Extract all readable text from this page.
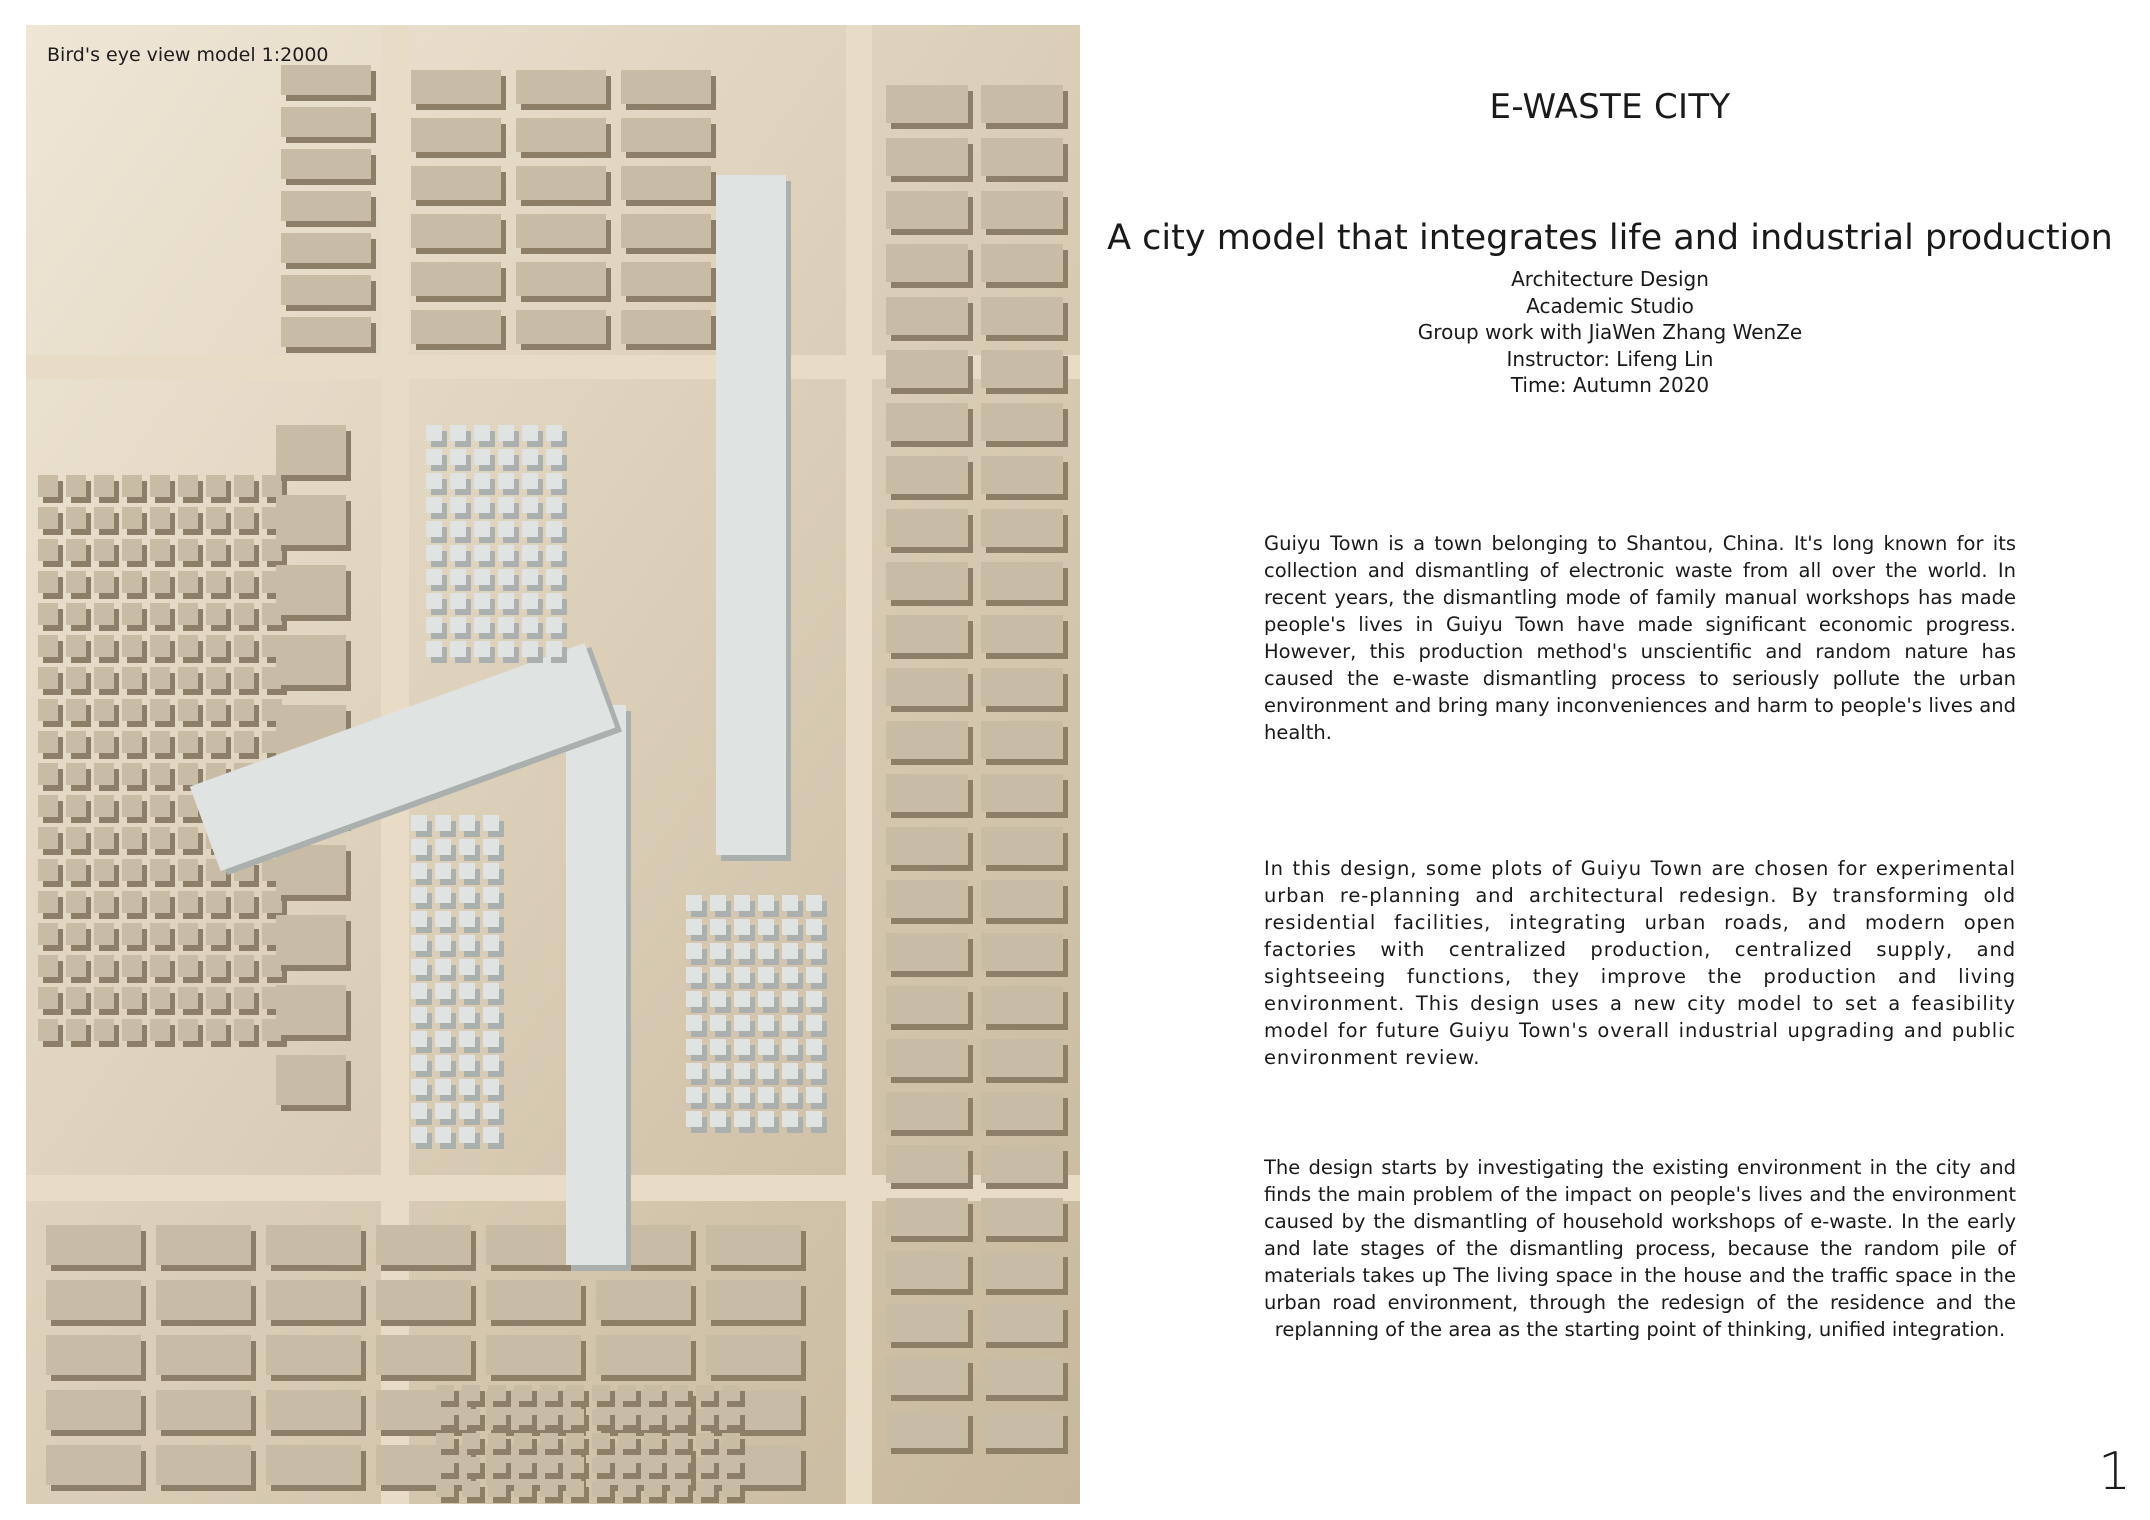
Bird's eye view model 1:2000
E-WASTE CITY
A city model that integrates life and industrial production
Architecture Design
Academic Studio
Group work with JiaWen Zhang WenZe
Instructor: Lifeng Lin
Time: Autumn 2020
Guiyu Town is a town belonging to Shantou, China. It's long known for its collection and dismantling of electronic waste from all over the world. In recent years, the dismantling mode of family manual workshops has made people's lives in Guiyu Town have made significant economic progress. However, this production method's unscientific and random nature has caused the e-waste dismantling process to seriously pollute the urban environment and bring many inconveniences and harm to people's lives and health.
In this design, some plots of Guiyu Town are chosen for experimental urban re-planning and architectural redesign. By transforming old residential facilities, integrating urban roads, and modern open factories with centralized production, centralized supply, and sightseeing functions, they improve the production and living environment. This design uses a new city model to set a feasibility model for future Guiyu Town's overall industrial upgrading and public environment review.
The design starts by investigating the existing environment in the city and finds the main problem of the impact on people's lives and the environment caused by the dismantling of household workshops of e-waste. In the early and late stages of the dismantling process, because the random pile of materials takes up The living space in the house and the traffic space in the urban road environment, through the redesign of the residence and the replanning of the area as the starting point of thinking, unified integration.
1
